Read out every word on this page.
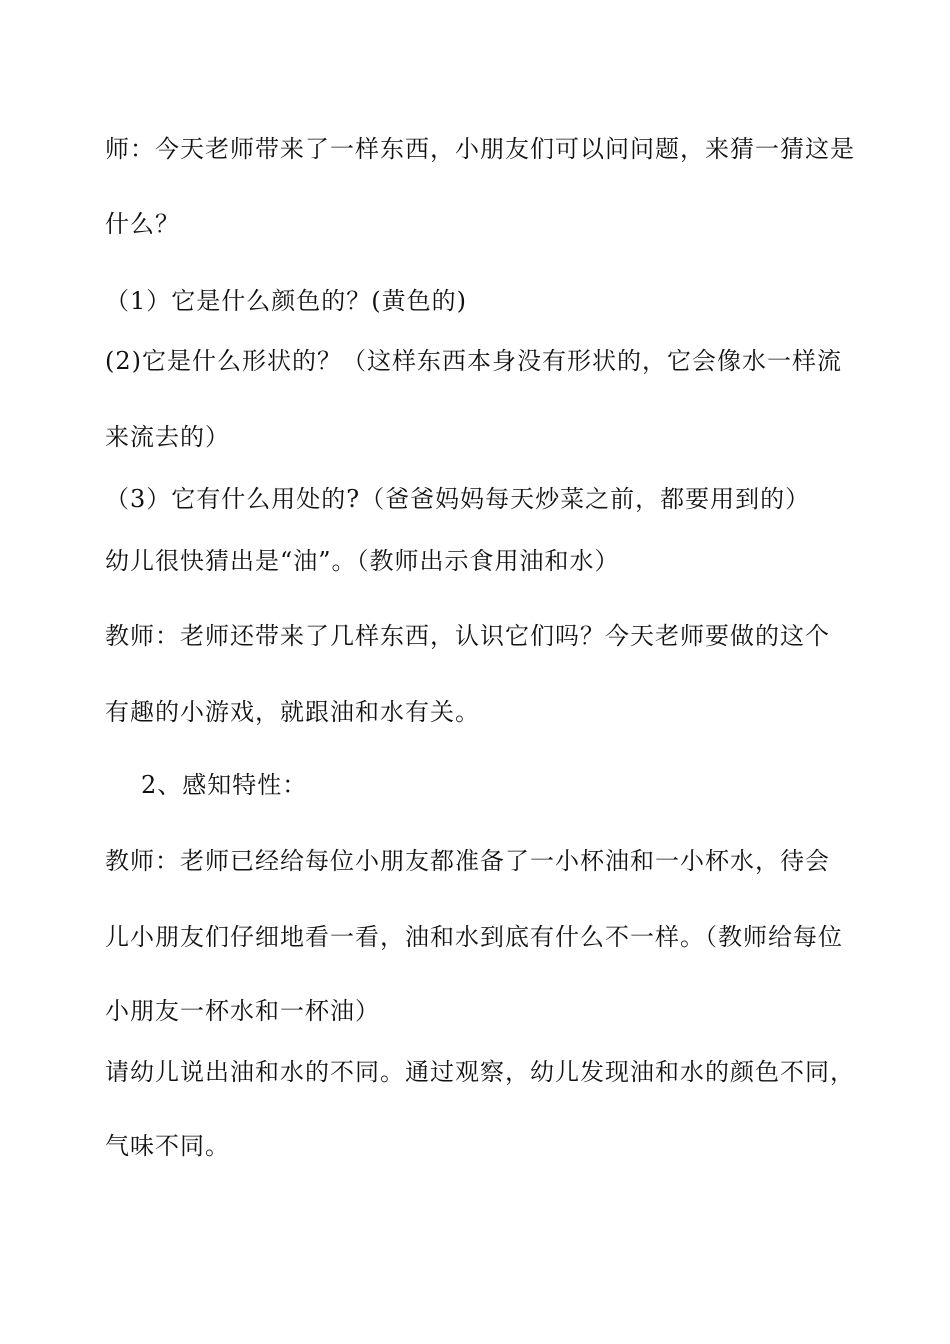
师：今天老师带来了一样东西，小朋友们可以问问题，来猜一猜这是
什么？
（1）它是什么颜色的？(黄色的)
(2)它是什么形状的？（这样东西本身没有形状的，它会像水一样流
来流去的）
（3）它有什么用处的?（爸爸妈妈每天炒菜之前，都要用到的）
幼儿很快猜出是“油”。（教师出示食用油和水）
教师：老师还带来了几样东西，认识它们吗？今天老师要做的这个
有趣的小游戏，就跟油和水有关。
2、感知特性：
教师：老师已经给每位小朋友都准备了一小杯油和一小杯水，待会
儿小朋友们仔细地看一看，油和水到底有什么不一样。（教师给每位
小朋友一杯水和一杯油）
请幼儿说出油和水的不同。通过观察，幼儿发现油和水的颜色不同，
气味不同。
